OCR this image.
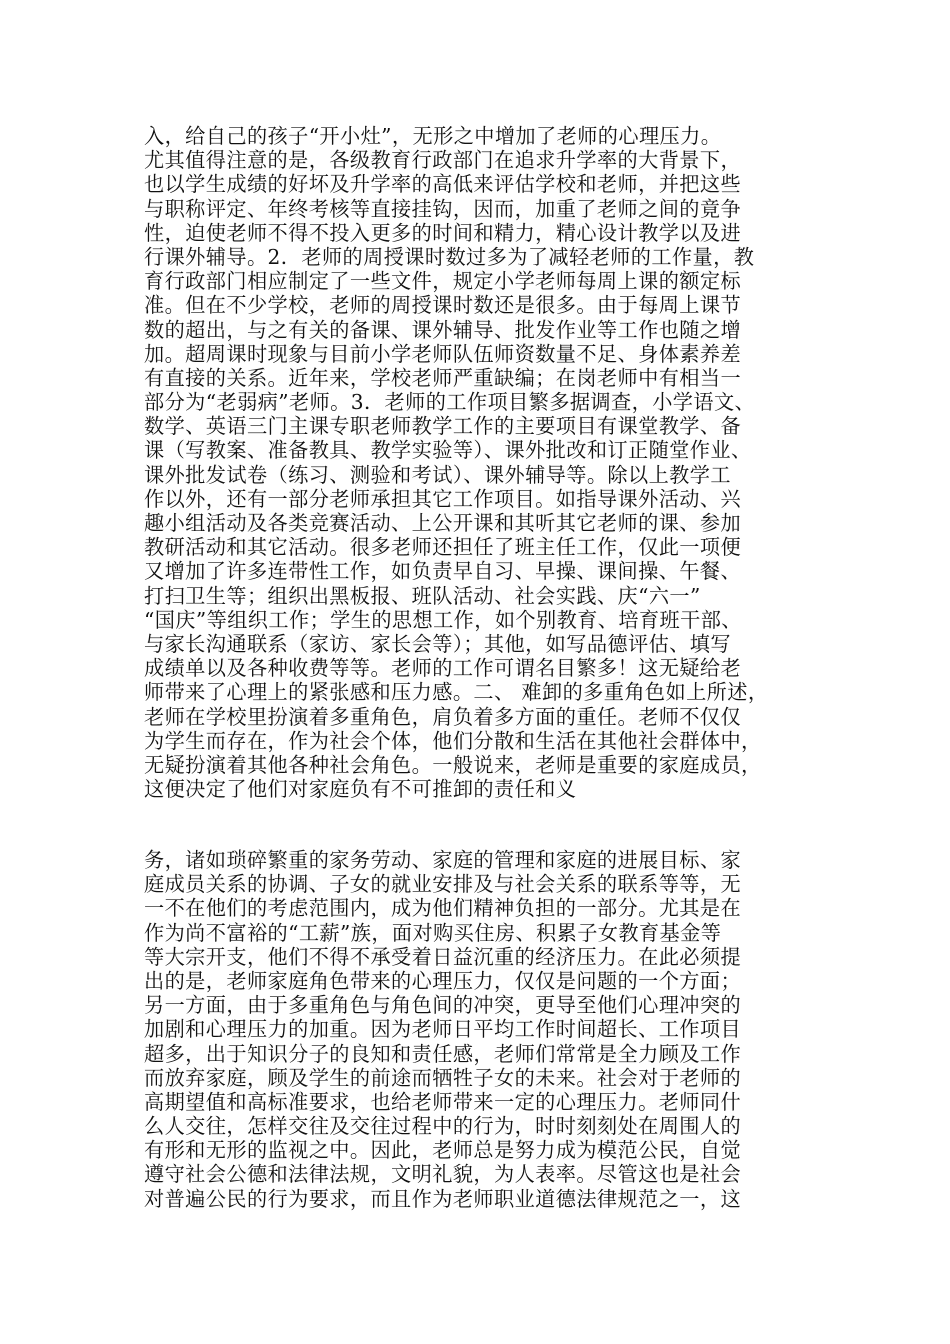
入，给自己的孩子“开小灶”，无形之中增加了老师的心理压力。
尤其值得注意的是，各级教育行政部门在追求升学率的大背景下，
也以学生成绩的好坏及升学率的高低来评估学校和老师，并把这些
与职称评定、年终考核等直接挂钩，因而，加重了老师之间的竟争
性，迫使老师不得不投入更多的时间和精力，精心设计教学以及进
行课外辅导。2．老师的周授课时数过多为了减轻老师的工作量，教
育行政部门相应制定了一些文件，规定小学老师每周上课的额定标
准。但在不少学校，老师的周授课时数还是很多。由于每周上课节
数的超出，与之有关的备课、课外辅导、批发作业等工作也随之增
加。超周课时现象与目前小学老师队伍师资数量不足、身体素养差
有直接的关系。近年来，学校老师严重缺编；在岗老师中有相当一
部分为“老弱病”老师。3．老师的工作项目繁多据调查，小学语文、
数学、英语三门主课专职老师教学工作的主要项目有课堂教学、备
课（写教案、准备教具、教学实验等）、课外批改和订正随堂作业、
课外批发试卷（练习、测验和考试）、课外辅导等。除以上教学工
作以外，还有一部分老师承担其它工作项目。如指导课外活动、兴
趣小组活动及各类竞赛活动、上公开课和其听其它老师的课、参加
教研活动和其它活动。很多老师还担任了班主任工作，仅此一项便
又增加了许多连带性工作，如负责早自习、早操、课间操、午餐、
打扫卫生等；组织出黑板报、班队活动、社会实践、庆“六一”
“国庆”等组织工作；学生的思想工作，如个别教育、培育班干部、
与家长沟通联系（家访、家长会等）；其他，如写品德评估、填写
成绩单以及各种收费等等。老师的工作可谓名目繁多！这无疑给老
师带来了心理上的紧张感和压力感。二、 难卸的多重角色如上所述，
老师在学校里扮演着多重角色，肩负着多方面的重任。老师不仅仅
为学生而存在，作为社会个体，他们分散和生活在其他社会群体中，
无疑扮演着其他各种社会角色。一般说来，老师是重要的家庭成员，
这便决定了他们对家庭负有不可推卸的责任和义
务，诸如琐碎繁重的家务劳动、家庭的管理和家庭的进展目标、家
庭成员关系的协调、子女的就业安排及与社会关系的联系等等，无
一不在他们的考虑范围内，成为他们精神负担的一部分。尤其是在
作为尚不富裕的“工薪”族，面对购买住房、积累子女教育基金等
等大宗开支，他们不得不承受着日益沉重的经济压力。在此必须提
出的是，老师家庭角色带来的心理压力，仅仅是问题的一个方面；
另一方面，由于多重角色与角色间的冲突，更导至他们心理冲突的
加剧和心理压力的加重。因为老师日平均工作时间超长、工作项目
超多，出于知识分子的良知和责任感，老师们常常是全力顾及工作
而放弃家庭，顾及学生的前途而牺牲子女的未来。社会对于老师的
高期望值和高标准要求，也给老师带来一定的心理压力。老师同什
么人交往，怎样交往及交往过程中的行为，时时刻刻处在周围人的
有形和无形的监视之中。因此，老师总是努力成为模范公民，自觉
遵守社会公德和法律法规，文明礼貌，为人表率。尽管这也是社会
对普遍公民的行为要求，而且作为老师职业道德法律规范之一，这
